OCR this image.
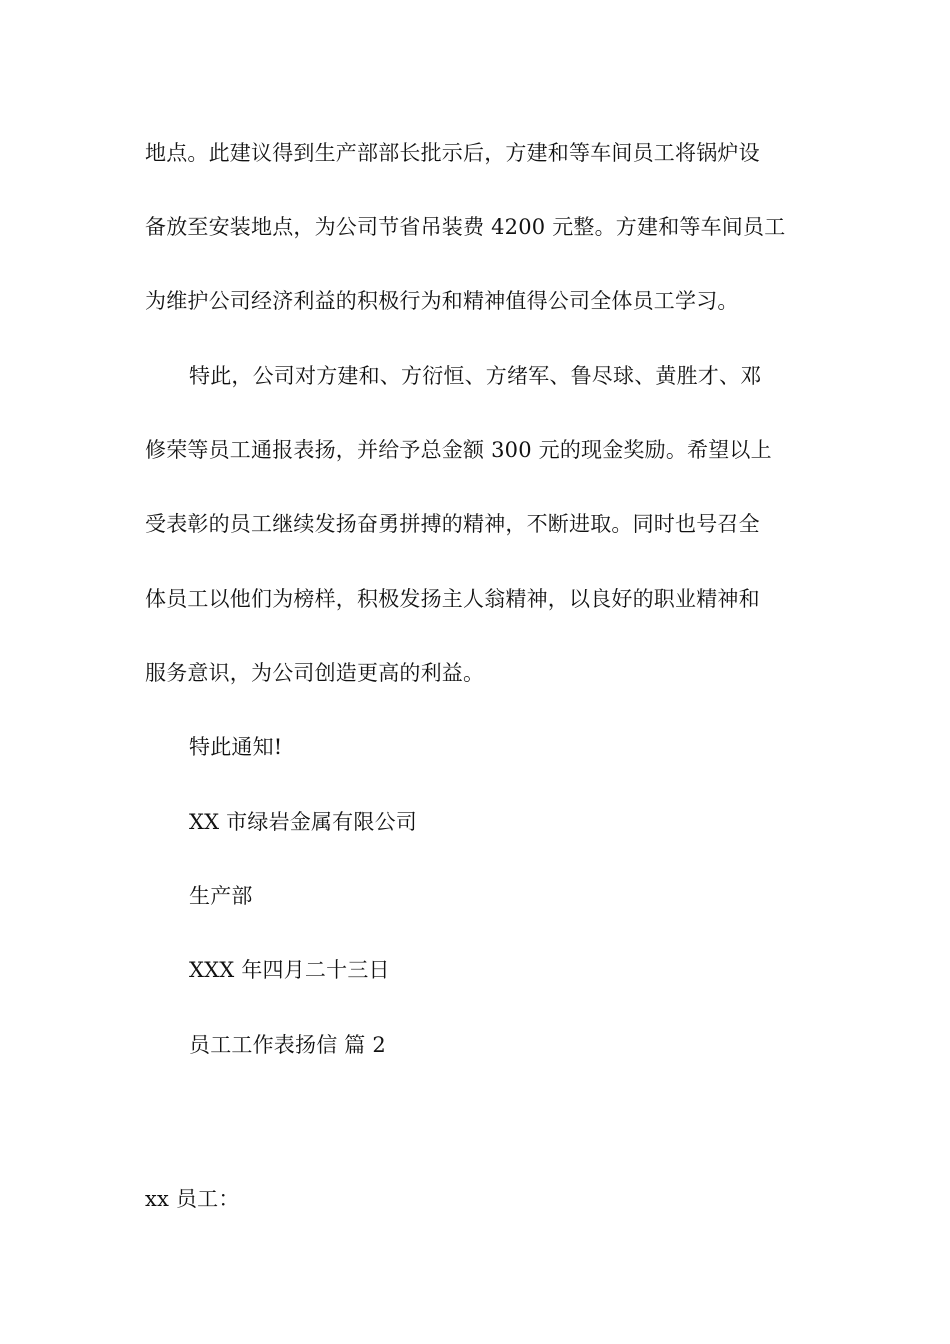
地点。此建议得到生产部部长批示后，方建和等车间员工将锅炉设
备放至安装地点，为公司节省吊装费 4200 元整。方建和等车间员工
为维护公司经济利益的积极行为和精神值得公司全体员工学习。
特此，公司对方建和、方衍恒、方绪军、鲁尽球、黄胜才、邓
修荣等员工通报表扬，并给予总金额 300 元的现金奖励。希望以上
受表彰的员工继续发扬奋勇拼搏的精神，不断进取。同时也号召全
体员工以他们为榜样，积极发扬主人翁精神，以良好的职业精神和
服务意识，为公司创造更高的利益。
特此通知!
XX 市绿岩金属有限公司
生产部
XXX 年四月二十三日
员工工作表扬信 篇 2
xx 员工：
